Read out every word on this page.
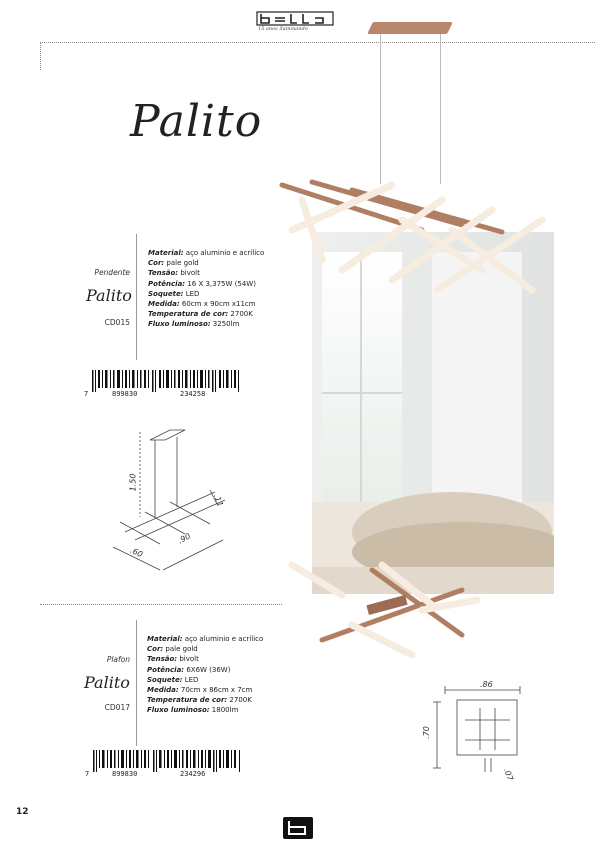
15 anos iluminando
Palito
Pendente
Palito
CD015
Material: aço aluminio e acrílico
Cor: pale gold
Tensão: bivolt
Potência: 16 X 3,375W (54W)
Soquete: LED
Medida: 60cm x 90cm x11cm
Temperatura de cor: 2700K
Fluxo luminoso: 3250lm
7	899830	234258
1.50
.11
.60
.90
Plafon
Palito
CD017
Material: aço aluminio e acrílico
Cor: pale gold
Tensão: bivolt
Potência: 6X6W (36W)
Soquete: LED
Medida: 70cm x 86cm x 7cm
Temperatura de cor: 2700K
Fluxo luminoso: 1800lm
7	899830	234296
.86
.70
.07
12
